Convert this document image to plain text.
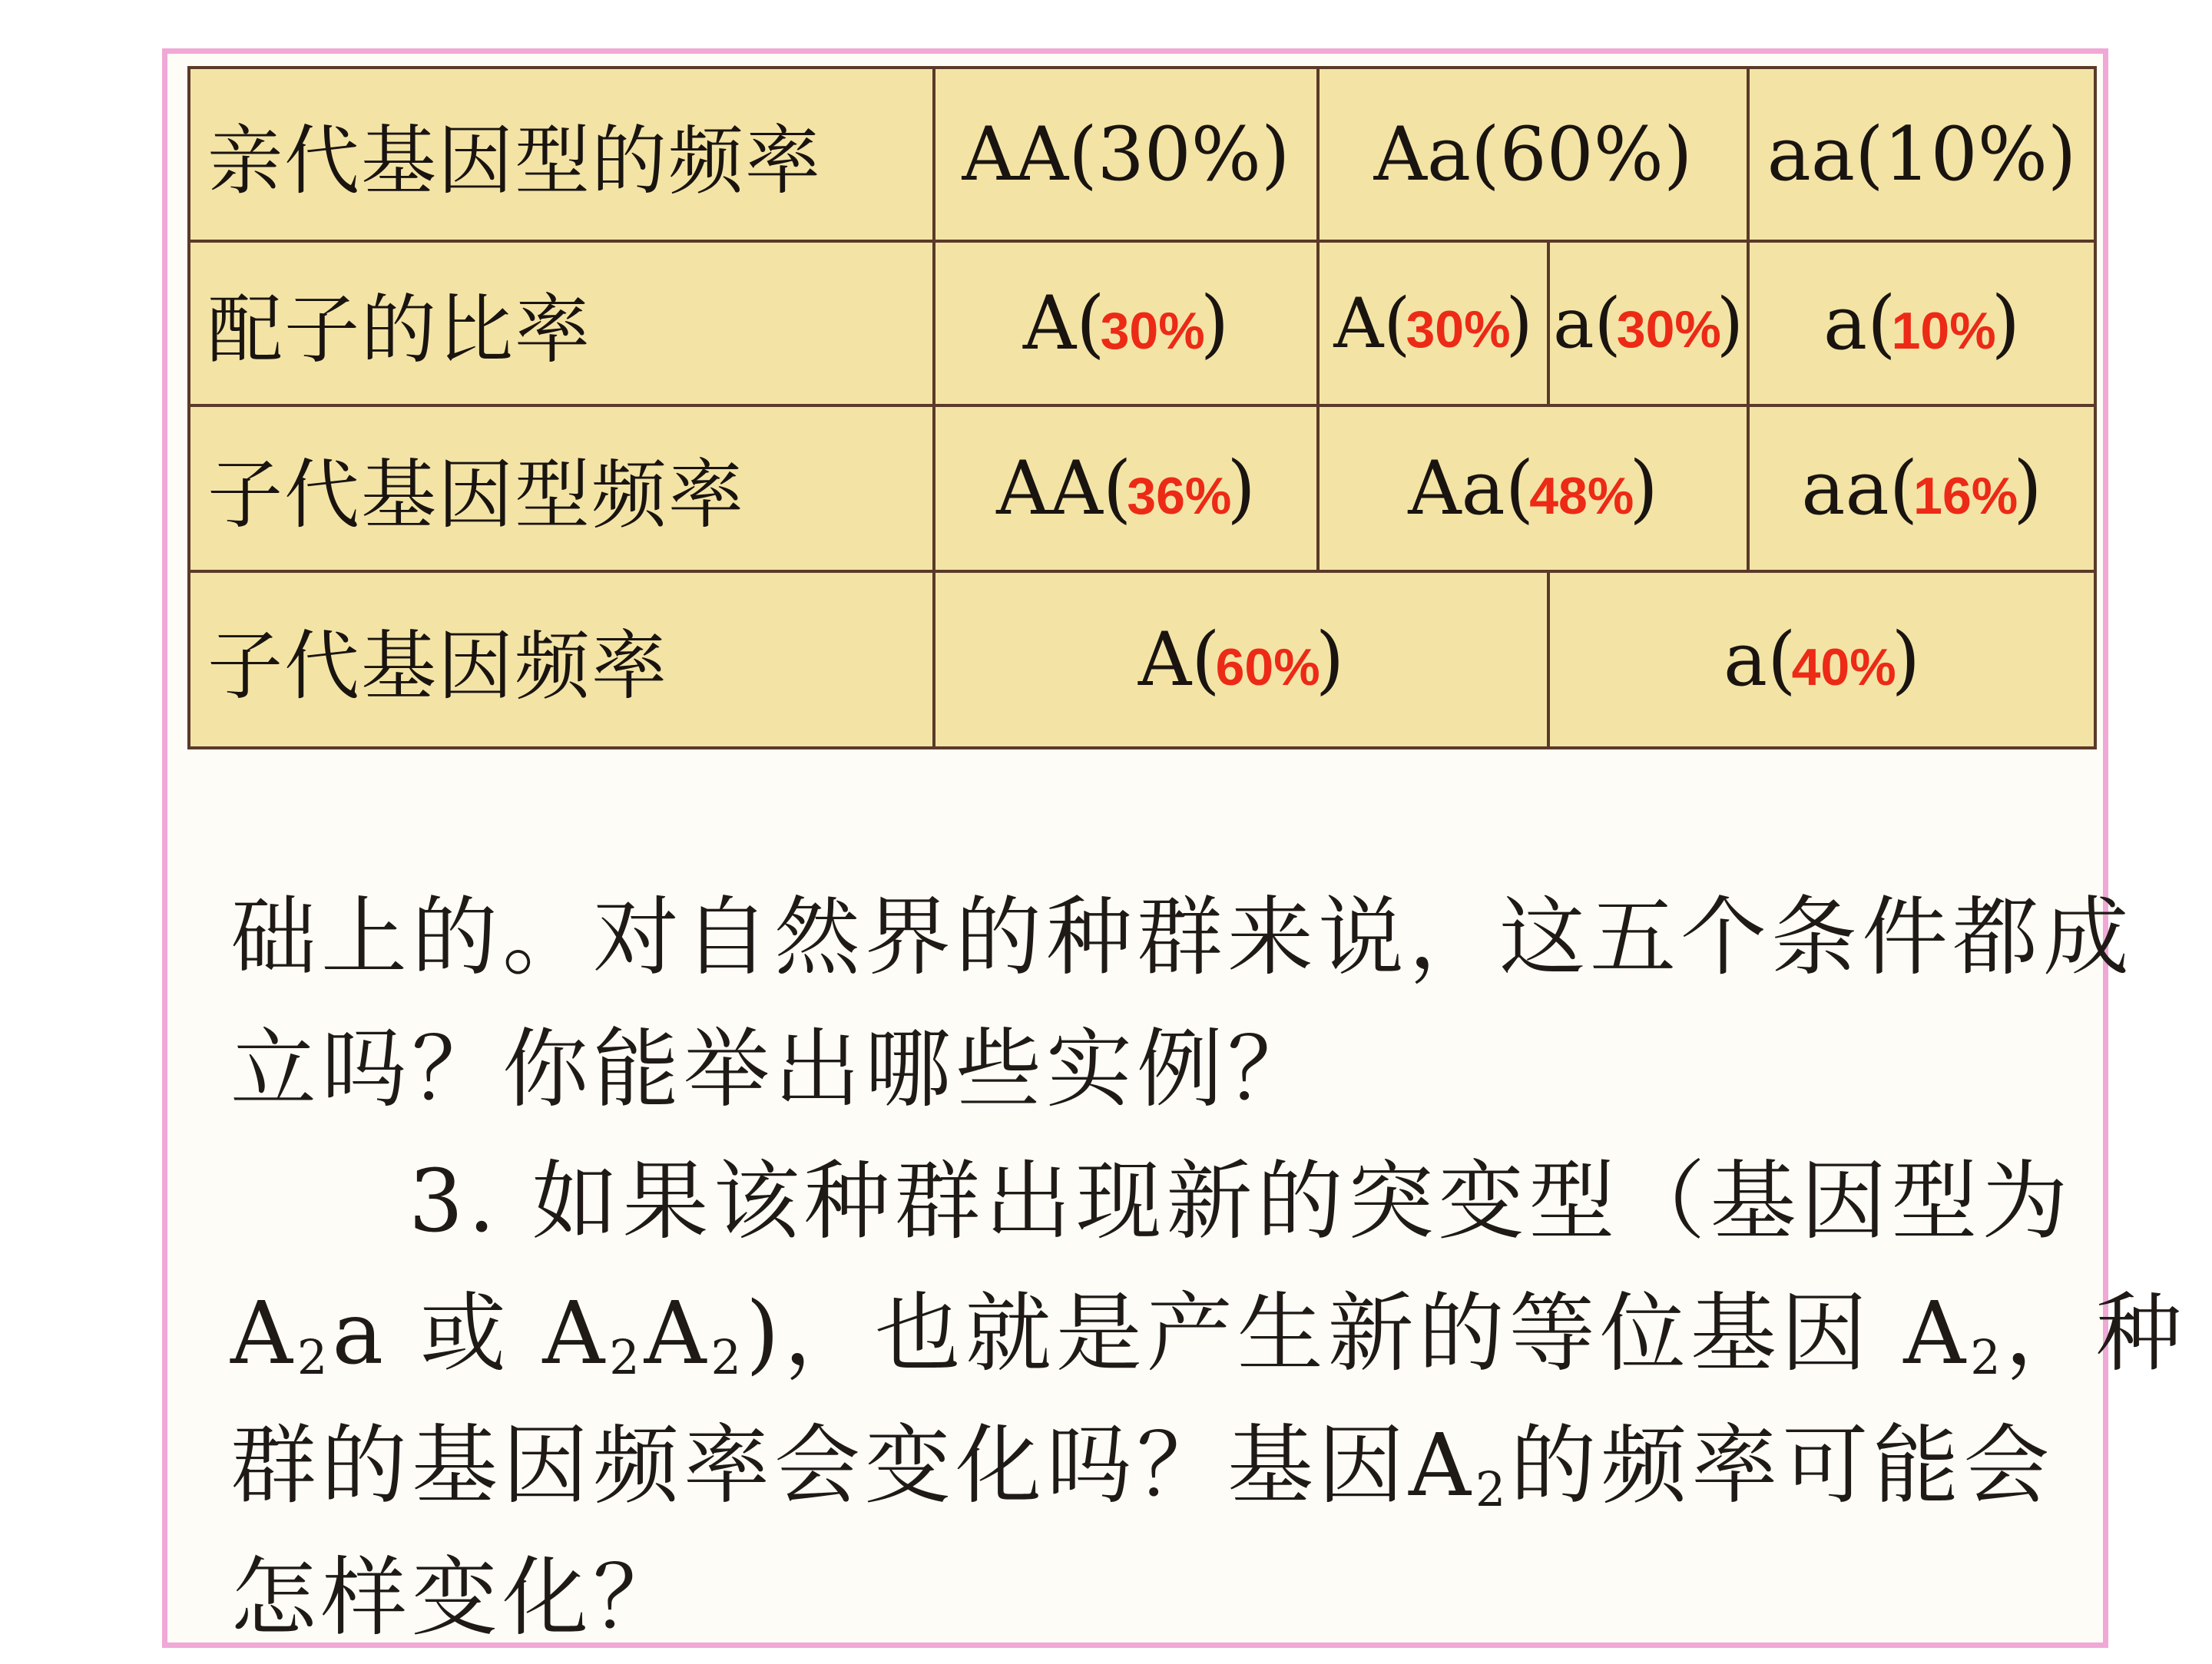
亲代基因型的频率	AA(30%)	Aa(60%)		aa(10%)
配子的比率	A(30%)	A(30%)	a(30%)	a(10%)
子代基因型频率	AA(36%)	Aa(48%)		aa(16%)
子代基因频率	A(60%)		a(40%)	

础上的。对自然界的种群来说，这五个条件都成

立吗？你能举出哪些实例？

3. 如果该种群出现新的突变型（基因型为

$A_2a$ 或 $A_2A_2$)，也就是产生新的等位基因 $A_2$，种

群的基因频率会变化吗？基因$A_2$的频率可能会

怎样变化？
